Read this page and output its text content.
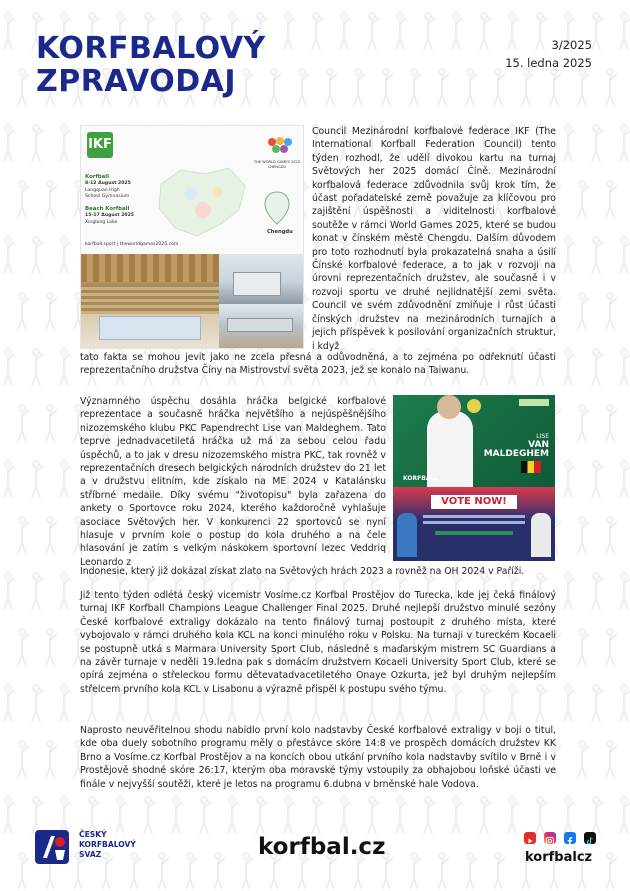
KORFBALOVÝ
ZPRAVODAJ
3/2025
15. ledna 2025
IKF
Korfball
8-12 August 2025
Longquan High
School Gymnasium
Beach Korfball
15-17 August 2025
Xinglong Lake
korfball.sport | theworldgames2025.com
THE WORLD GAMES 2025 CHENGDU
Chengdu

Council Mezinárodní korfbalové federace IKF (The International Korfball Federation Council) tento týden rozhodl, že udělí divokou kartu na turnaj Světových her 2025 domácí Číně. Mezinárodní korfbalová federace zdůvodnila svůj krok tím, že účast pořadatelské země považuje za klíčovou pro zajištění úspěšnosti a viditelnosti korfbalové soutěže v rámci World Games 2025, které se budou konat v čínském městě Chengdu. Dalším důvodem pro toto rozhodnutí byla prokazatelná snaha a úsilí Čínské korfbalové federace, a to jak v rozvoji na úrovni reprezentačních družstev, ale současně i v rozvoji sportu ve druhé nejlidnatější zemi světa. Council ve svém zdůvodnění zmiňuje i růst účasti čínských družstev na mezinárodních turnajích a jejich příspěvek k posilování organizačních struktur, i když

tato fakta se mohou jevit jako ne zcela přesná a odůvodněná, a to zejména po odřeknutí účasti reprezentačního družstva Číny na Mistrovství světa 2023, jež se konalo na Taiwanu.

Významného úspěchu dosáhla hráčka belgické korfbalové reprezentace a současně hráčka největšího a nejúspěšnějšího nizozemského klubu PKC Papendrecht Lise van Maldeghem. Tato teprve jednadvacetiletá hráčka už má za sebou celou řadu úspěchů, a to jak v dresu nizozemského mistra PKC, tak rovněž v reprezentačních dresech belgických národních družstev do 21 let a v družstvu elitním, kde získalo na ME 2024 v Katalánsku stříbrné medaile. Díky svému "životopisu" byla zařazena do ankety o Sportovce roku 2024, kterého každoročně vyhlašuje asociace Světových her. V konkurenci 22 sportovců se nyní hlasuje v prvním kole o postup do kola druhého a na čele hlasování je zatím s velkým náskokem sportovní lezec Veddriq Leonardo z

Indonesie, který již dokázal získat zlato na Světových hrách 2023 a rovněž na OH 2024 v Paříži.

LISE
VAN
MALDEGHEM
KORFBALL
VOTE NOW!

Již tento týden odlétá český vicemistr Vosíme.cz Korfbal Prostějov do Turecka, kde jej čeká finálový turnaj IKF Korfball Champions League Challenger Final 2025. Druhé nejlepší družstvo minulé sezóny České korfbalové extraligy dokázalo na tento finálový turnaj postoupit z druhého místa, které vybojovalo v rámci druhého kola KCL na konci minulého roku v Polsku. Na turnaji v tureckém Kocaeli se postupně utká s Marmara University Sport Club, následně s maďarským mistrem SC Guardians a na závěr turnaje v neděli 19.ledna pak s domácím družstvem Kocaeli University Sport Club, které se opírá zejména o střeleckou formu dětevatadvacetiletého Onaye Ozkurta, jež byl druhým nejlepším střelcem prvního kola KCL v Lisabonu a výrazně přispěl k postupu svého týmu.

Naprosto neuvěřitelnou shodu nabídlo první kolo nadstavby České korfbalové extraligy v boji o titul, kde oba duely sobotního programu měly o přestávce skóre 14:8 ve prospěch domácích družstev KK Brno a Vosíme.cz Korfbal Prostějov a na koncích obou utkání prvního kola nadstavby svítilo v Brně i v Prostějově shodné skóre 26:17, kterým oba moravské týmy vstoupily za obhajobou loňské účasti ve finále v nejvyšší soutěži, které je letos na programu 6.dubna v brněnské hale Vodova.

ČESKÝ
KORFBALOVÝ
SVAZ	korfbal.cz	korfbalcz
